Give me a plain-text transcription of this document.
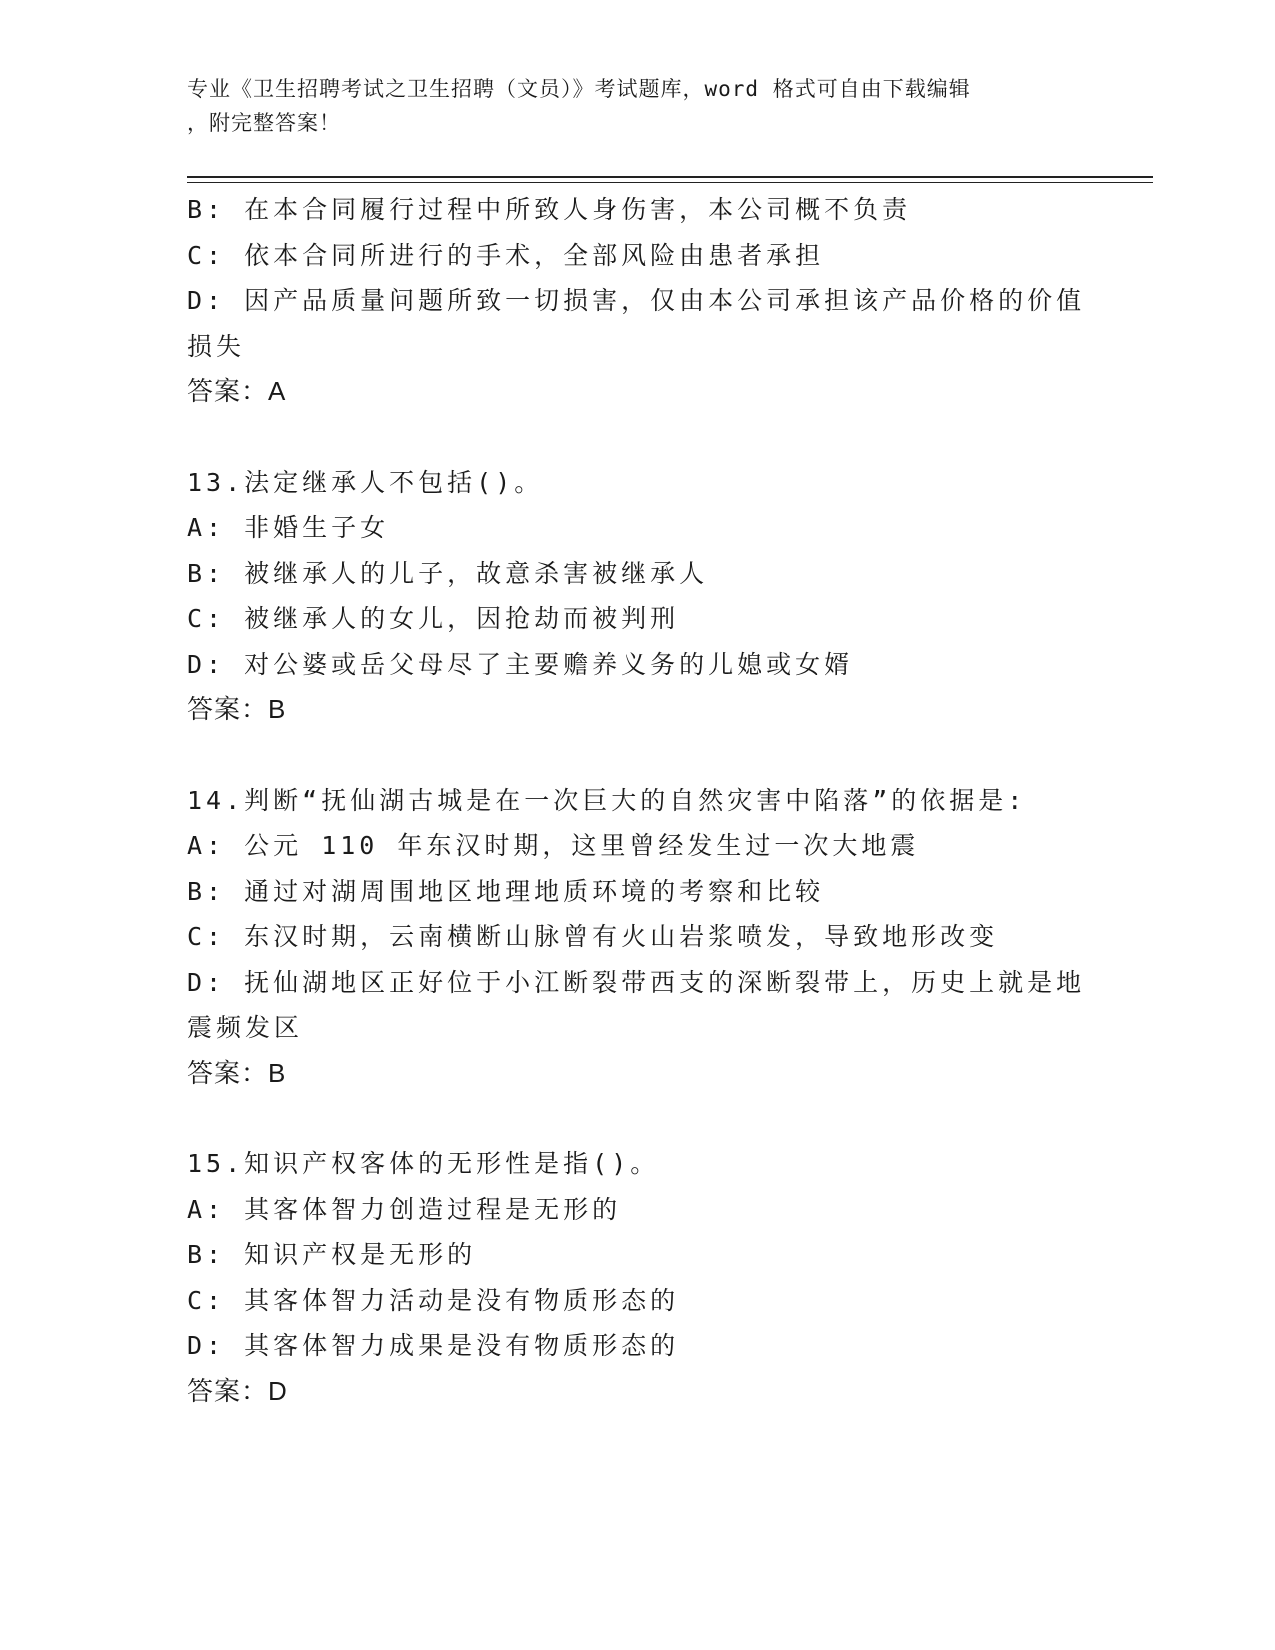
专业《卫生招聘考试之卫生招聘（文员）》考试题库，word 格式可自由下载编辑
，附完整答案！
B: 在本合同履行过程中所致人身伤害，本公司概不负责
C: 依本合同所进行的手术，全部风险由患者承担
D: 因产品质量问题所致一切损害，仅由本公司承担该产品价格的价值
损失
答案：A
13.法定继承人不包括()。
A: 非婚生子女
B: 被继承人的儿子，故意杀害被继承人
C: 被继承人的女儿，因抢劫而被判刑
D: 对公婆或岳父母尽了主要赡养义务的儿媳或女婿
答案：B
14.判断“抚仙湖古城是在一次巨大的自然灾害中陷落”的依据是:
A: 公元 110 年东汉时期，这里曾经发生过一次大地震
B: 通过对湖周围地区地理地质环境的考察和比较
C: 东汉时期，云南横断山脉曾有火山岩浆喷发，导致地形改变
D: 抚仙湖地区正好位于小江断裂带西支的深断裂带上，历史上就是地
震频发区
答案：B
15.知识产权客体的无形性是指()。
A: 其客体智力创造过程是无形的
B: 知识产权是无形的
C: 其客体智力活动是没有物质形态的
D: 其客体智力成果是没有物质形态的
答案：D
